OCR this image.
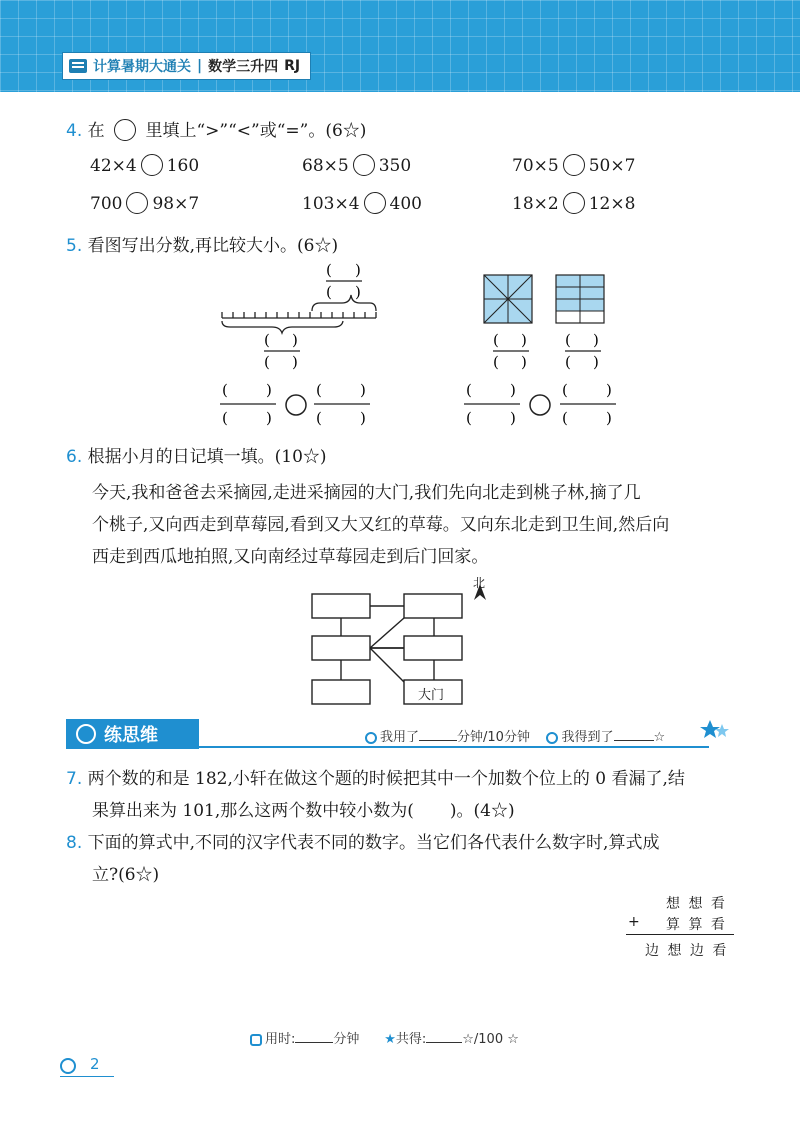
计算暑期大通关 | 数学三升四 RJ
4. 在 里填上“>”“<”或“=”。(6☆)
42×4 160	68×5 350	70×5 50×7
700 98×7	103×4 400	18×2 12×8
5. 看图写出分数,再比较大小。(6☆)
( )
( )
( )
( )
( )
( )
( )
( )
(	)
(	)
(	)
(	)
(	)
(	)
(	)
(	)
6. 根据小月的日记填一填。(10☆)
今天,我和爸爸去采摘园,走进采摘园的大门,我们先向北走到桃子林,摘了几
个桃子,又向西走到草莓园,看到又大又红的草莓。又向东北走到卫生间,然后向
西走到西瓜地拍照,又向南经过草莓园走到后门回家。
北
大门
练思维	我用了	分钟/10分钟 我得到了	☆
7. 两个数的和是 182,小轩在做这个题的时候把其中一个加数个位上的 0 看漏了,结
果算出来为 101,那么这两个数中较小数为( )。(4☆)
8. 下面的算式中,不同的汉字代表不同的数字。当它们各代表什么数字时,算式成
立?(6☆)
想 想 看
+ 算 算 看
边 想 边 看
用时:	分钟 ★共得:	☆/100 ☆
2
